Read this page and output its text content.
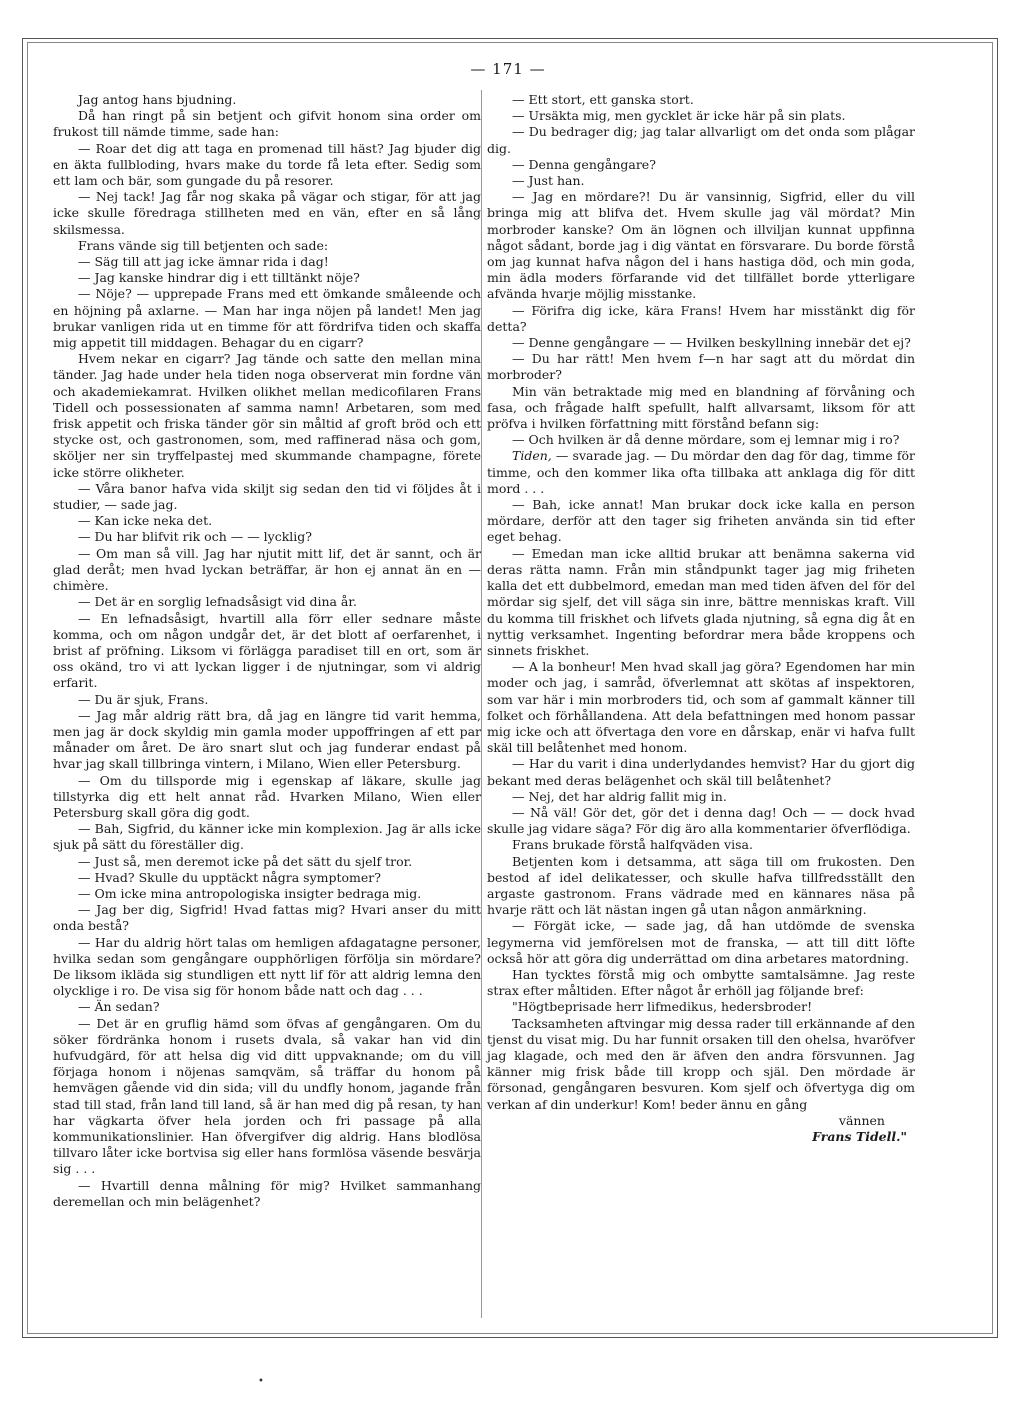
— 171 —

Jag antog hans bjudning.

Då han ringt på sin betjent och gifvit honom sina order om frukost till nämde timme, sade han:

— Roar det dig att taga en promenad till häst? Jag bjuder dig en äkta fullbloding, hvars make du torde få leta efter. Sedig som ett lam och bär, som gungade du på resorer.

— Nej tack! Jag får nog skaka på vägar och stigar, för att jag icke skulle föredraga stillheten med en vän, efter en så lång skilsmessa.

Frans vände sig till betjenten och sade:

— Säg till att jag icke ämnar rida i dag!

— Jag kanske hindrar dig i ett tilltänkt nöje?

— Nöje? — upprepade Frans med ett ömkande småleende och en höjning på axlarne. — Man har inga nöjen på landet! Men jag brukar vanligen rida ut en timme för att fördrifva tiden och skaffa mig appetit till middagen. Behagar du en cigarr?

Hvem nekar en cigarr? Jag tände och satte den mellan mina tänder. Jag hade under hela tiden noga observerat min fordne vän och akademiekamrat. Hvilken olikhet mellan medicofilaren Frans Tidell och possessionaten af samma namn! Arbetaren, som med frisk appetit och friska tänder gör sin måltid af groft bröd och ett stycke ost, och gastronomen, som, med raffinerad näsa och gom, sköljer ner sin tryffelpastej med skummande champagne, förete icke större olikheter.

— Våra banor hafva vida skiljt sig sedan den tid vi följdes åt i studier, — sade jag.

— Kan icke neka det.

— Du har blifvit rik och — — lycklig?

— Om man så vill. Jag har njutit mitt lif, det är sannt, och är glad deråt; men hvad lyckan beträffar, är hon ej annat än en — chimère.

— Det är en sorglig lefnadsåsigt vid dina år.

— En lefnadsåsigt, hvartill alla förr eller sednare måste komma, och om någon undgår det, är det blott af oerfarenhet, i brist af pröfning. Liksom vi förlägga paradiset till en ort, som är oss okänd, tro vi att lyckan ligger i de njutningar, som vi aldrig erfarit.

— Du är sjuk, Frans.

— Jag mår aldrig rätt bra, då jag en längre tid varit hemma, men jag är dock skyldig min gamla moder uppoffringen af ett par månader om året. De äro snart slut och jag funderar endast på hvar jag skall tillbringa vintern, i Milano, Wien eller Petersburg.

— Om du tillsporde mig i egenskap af läkare, skulle jag tillstyrka dig ett helt annat råd. Hvarken Milano, Wien eller Petersburg skall göra dig godt.

— Bah, Sigfrid, du känner icke min komplexion. Jag är alls icke sjuk på sätt du föreställer dig.

— Just så, men deremot icke på det sätt du sjelf tror.

— Hvad? Skulle du upptäckt några symptomer?

— Om icke mina antropologiska insigter bedraga mig.

— Jag ber dig, Sigfrid! Hvad fattas mig? Hvari anser du mitt onda bestå?

— Har du aldrig hört talas om hemligen afdagatagne personer, hvilka sedan som gengångare oupphörligen förfölja sin mördare? De liksom ikläda sig stundligen ett nytt lif för att aldrig lemna den olycklige i ro. De visa sig för honom både natt och dag . . .

— Än sedan?

— Det är en gruflig hämd som öfvas af gengångaren. Om du söker fördränka honom i rusets dvala, så vakar han vid din hufvudgärd, för att helsa dig vid ditt uppvaknande; om du vill förjaga honom i nöjenas samqväm, så träffar du honom på hemvägen gående vid din sida; vill du undfly honom, jagande från stad till stad, från land till land, så är han med dig på resan, ty han har vägkarta öfver hela jorden och fri passage på alla kommunikationslinier. Han öfvergifver dig aldrig. Hans blodlösa tillvaro låter icke bortvisa sig eller hans formlösa väsende besvärja sig . . .

— Hvartill denna målning för mig? Hvilket sammanhang deremellan och min belägenhet?

— Ett stort, ett ganska stort.

— Ursäkta mig, men gycklet är icke här på sin plats.

— Du bedrager dig; jag talar allvarligt om det onda som plågar dig.

— Denna gengångare?

— Just han.

— Jag en mördare?! Du är vansinnig, Sigfrid, eller du vill bringa mig att blifva det. Hvem skulle jag väl mördat? Min morbroder kanske? Om än lögnen och illviljan kunnat uppfinna något sådant, borde jag i dig väntat en försvarare. Du borde förstå om jag kunnat hafva någon del i hans hastiga död, och min goda, min ädla moders förfarande vid det tillfället borde ytterligare afvända hvarje möjlig misstanke.

— Förifra dig icke, kära Frans! Hvem har misstänkt dig för detta?

— Denne gengångare — — Hvilken beskyllning innebär det ej?

— Du har rätt! Men hvem f—n har sagt att du mördat din morbroder?

Min vän betraktade mig med en blandning af förvåning och fasa, och frågade halft spefullt, halft allvarsamt, liksom för att pröfva i hvilken författning mitt förstånd befann sig:

— Och hvilken är då denne mördare, som ej lemnar mig i ro?

Tiden, — svarade jag. — Du mördar den dag för dag, timme för timme, och den kommer lika ofta tillbaka att anklaga dig för ditt mord . . .

— Bah, icke annat! Man brukar dock icke kalla en person mördare, derför att den tager sig friheten använda sin tid efter eget behag.

— Emedan man icke alltid brukar att benämna sakerna vid deras rätta namn. Från min ståndpunkt tager jag mig friheten kalla det ett dubbelmord, emedan man med tiden äfven del för del mördar sig sjelf, det vill säga sin inre, bättre menniskas kraft. Vill du komma till friskhet och lifvets glada njutning, så egna dig åt en nyttig verksamhet. Ingenting befordrar mera både kroppens och sinnets friskhet.

— A la bonheur! Men hvad skall jag göra? Egendomen har min moder och jag, i samråd, öfverlemnat att skötas af inspektoren, som var här i min morbroders tid, och som af gammalt känner till folket och förhållandena. Att dela befattningen med honom passar mig icke och att öfvertaga den vore en dårskap, enär vi hafva fullt skäl till belåtenhet med honom.

— Har du varit i dina underlydandes hemvist? Har du gjort dig bekant med deras belägenhet och skäl till belåtenhet?

— Nej, det har aldrig fallit mig in.

— Nå väl! Gör det, gör det i denna dag! Och — — dock hvad skulle jag vidare säga? För dig äro alla kommentarier öfverflödiga.

Frans brukade förstå halfqväden visa.

Betjenten kom i detsamma, att säga till om frukosten. Den bestod af idel delikatesser, och skulle hafva tillfredsställt den argaste gastronom. Frans vädrade med en kännares näsa på hvarje rätt och lät nästan ingen gå utan någon anmärkning.

— Förgät icke, — sade jag, då han utdömde de svenska legymerna vid jemförelsen mot de franska, — att till ditt löfte också hör att göra dig underrättad om dina arbetares matordning.

Han tycktes förstå mig och ombytte samtalsämne. Jag reste strax efter måltiden. Efter något år erhöll jag följande bref:

"Högtbeprisade herr lifmedikus, hedersbroder!

Tacksamheten aftvingar mig dessa rader till erkännande af den tjenst du visat mig. Du har funnit orsaken till den ohelsa, hvaröfver jag klagade, och med den är äfven den andra försvunnen. Jag känner mig frisk både till kropp och själ. Den mördade är försonad, gengångaren besvuren. Kom sjelf och öfvertyga dig om verkan af din underkur! Kom! beder ännu en gång

vännen

Frans Tidell."

•
